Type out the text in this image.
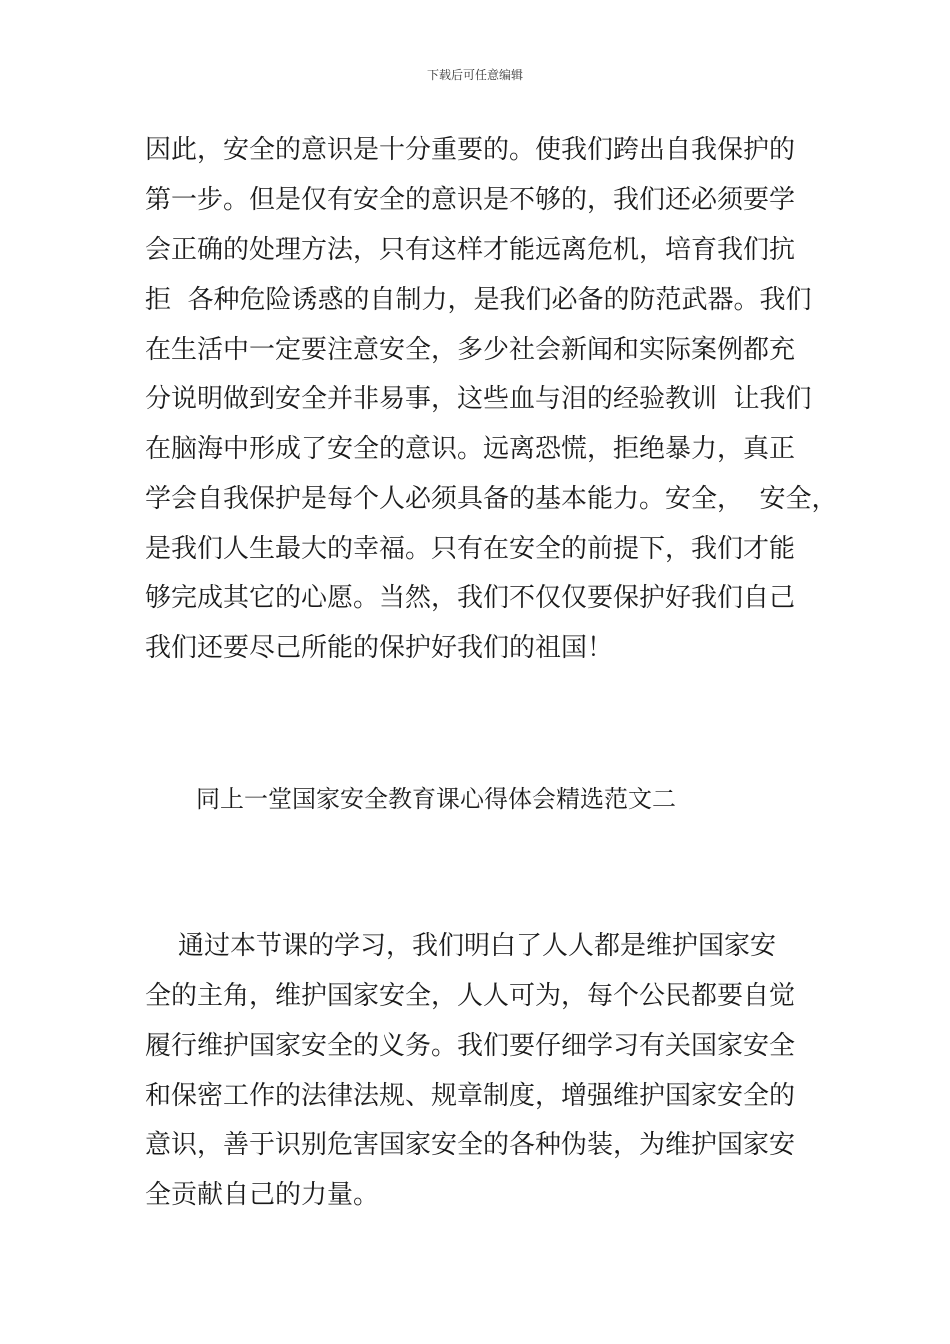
下载后可任意编辑
因此，安全的意识是十分重要的。使我们跨出自我保护的
第一步。但是仅有安全的意识是不够的，我们还必须要学
会正确的处理方法，只有这样才能远离危机，培育我们抗
拒  各种危险诱惑的自制力，是我们必备的防范武器。我们
在生活中一定要注意安全，多少社会新闻和实际案例都充
分说明做到安全并非易事，这些血与泪的经验教训  让我们
在脑海中形成了安全的意识。远离恐慌，拒绝暴力，真正
学会自我保护是每个人必须具备的基本能力。安全，  安全，
是我们人生最大的幸福。只有在安全的前提下，我们才能
够完成其它的心愿。当然，我们不仅仅要保护好我们自己
我们还要尽己所能的保护好我们的祖国！
同上一堂国家安全教育课心得体会精选范文二
通过本节课的学习，我们明白了人人都是维护国家安
全的主角，维护国家安全，人人可为，每个公民都要自觉
履行维护国家安全的义务。我们要仔细学习有关国家安全
和保密工作的法律法规、规章制度，增强维护国家安全的
意识，善于识别危害国家安全的各种伪装，为维护国家安
全贡献自己的力量。
